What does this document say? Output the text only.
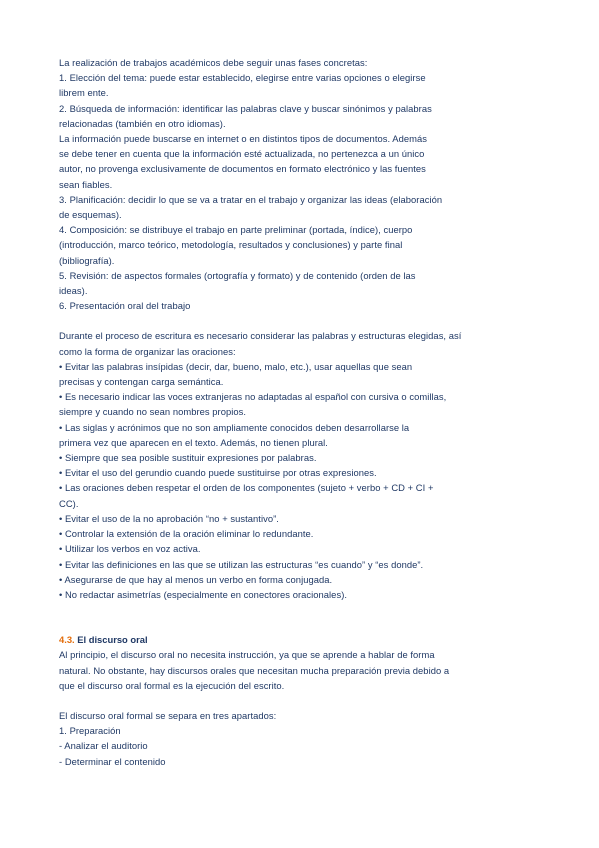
La realización de trabajos académicos debe seguir unas fases concretas:

1. Elección del tema: puede estar establecido, elegirse entre varias opciones o elegirse

librem ente.

2. Búsqueda de información: identificar las palabras clave y buscar sinónimos y palabras

relacionadas (también en otro idiomas).

La información puede buscarse en internet o en distintos tipos de documentos. Además

se debe tener en cuenta que la información esté actualizada, no pertenezca a un único

autor, no provenga exclusivamente de documentos en formato electrónico y las fuentes

sean fiables.

3. Planificación: decidir lo que se va a tratar en el trabajo y organizar las ideas (elaboración

de esquemas).

4. Composición: se distribuye el trabajo en parte preliminar (portada, índice), cuerpo

(introducción, marco teórico, metodología, resultados y conclusiones) y parte final

(bibliografía).

5. Revisión: de aspectos formales (ortografía y formato) y de contenido (orden de las

ideas).

6. Presentación oral del trabajo

Durante el proceso de escritura es necesario considerar las palabras y estructuras elegidas, así

como la forma de organizar las oraciones:

• Evitar las palabras insípidas (decir, dar, bueno, malo, etc.), usar aquellas que sean

precisas y contengan carga semántica.

• Es necesario indicar las voces extranjeras no adaptadas al español con cursiva o comillas,

siempre y cuando no sean nombres propios.

• Las siglas y acrónimos que no son ampliamente conocidos deben desarrollarse la

primera vez que aparecen en el texto. Además, no tienen plural.

• Siempre que sea posible sustituir expresiones por palabras.

• Evitar el uso del gerundio cuando puede sustituirse por otras expresiones.

• Las oraciones deben respetar el orden de los componentes (sujeto + verbo + CD + CI +

CC).

• Evitar el uso de la no aprobación “no + sustantivo”.

• Controlar la extensión de la oración eliminar lo redundante.

• Utilizar los verbos en voz activa.

• Evitar las definiciones en las que se utilizan las estructuras “es cuando” y “es donde”.

• Asegurarse de que hay al menos un verbo en forma conjugada.

• No redactar asimetrías (especialmente en conectores oracionales).

4.3. El discurso oral

Al principio, el discurso oral no necesita instrucción, ya que se aprende a hablar de forma

natural. No obstante, hay discursos orales que necesitan mucha preparación previa debido a

que el discurso oral formal es la ejecución del escrito.

El discurso oral formal se separa en tres apartados:

1. Preparación

- Analizar el auditorio

- Determinar el contenido
